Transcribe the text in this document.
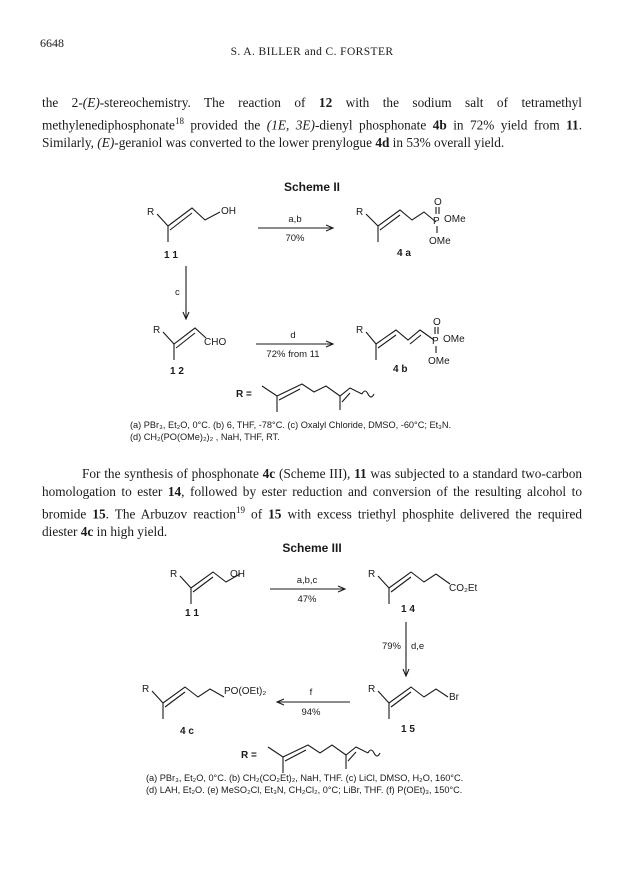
6648
S. A. BILLER and C. FORSTER
the 2-(E)-stereochemistry. The reaction of 12 with the sodium salt of tetramethyl methylenediphosphonate$^{18}$ provided the (1E, 3E)-dienyl phosphonate 4b in 72% yield from 11. Similarly, (E)-geraniol was converted to the lower prenylogue 4d in 53% overall yield.
Scheme II
R	OH
1 1
a,b
70%
R
O
P OMe
OMe
4 a
c
R
CHO
1 2
d
72% from 11
R
O
P OMe
OMe
4 b
R =
(a) PBr₃, Et₂O, 0°C. (b) 6, THF, -78°C. (c) Oxalyl Chloride, DMSO, -60°C; Et₃N.
(d) CH₂(PO(OMe)₂)₂ , NaH, THF, RT.
For the synthesis of phosphonate 4c (Scheme III), 11 was subjected to a standard two-carbon homologation to ester 14, followed by ester reduction and conversion of the resulting alcohol to bromide 15. The Arbuzov reaction$^{19}$ of 15 with excess triethyl phosphite delivered the required diester 4c in high yield.
Scheme III
R	OH
1 1
a,b,c
47%
R
CO₂Et
1 4
79% d,e
R
Br
1 5
f
94%
R	PO(OEt)₂
4 c
R =
(a) PBr₃, Et₂O, 0°C. (b) CH₂(CO₂Et)₂, NaH, THF. (c) LiCl, DMSO, H₂O, 160°C.
(d) LAH, Et₂O. (e) MeSO₂Cl, Et₃N, CH₂Cl₂, 0°C; LiBr, THF. (f) P(OEt)₃, 150°C.
